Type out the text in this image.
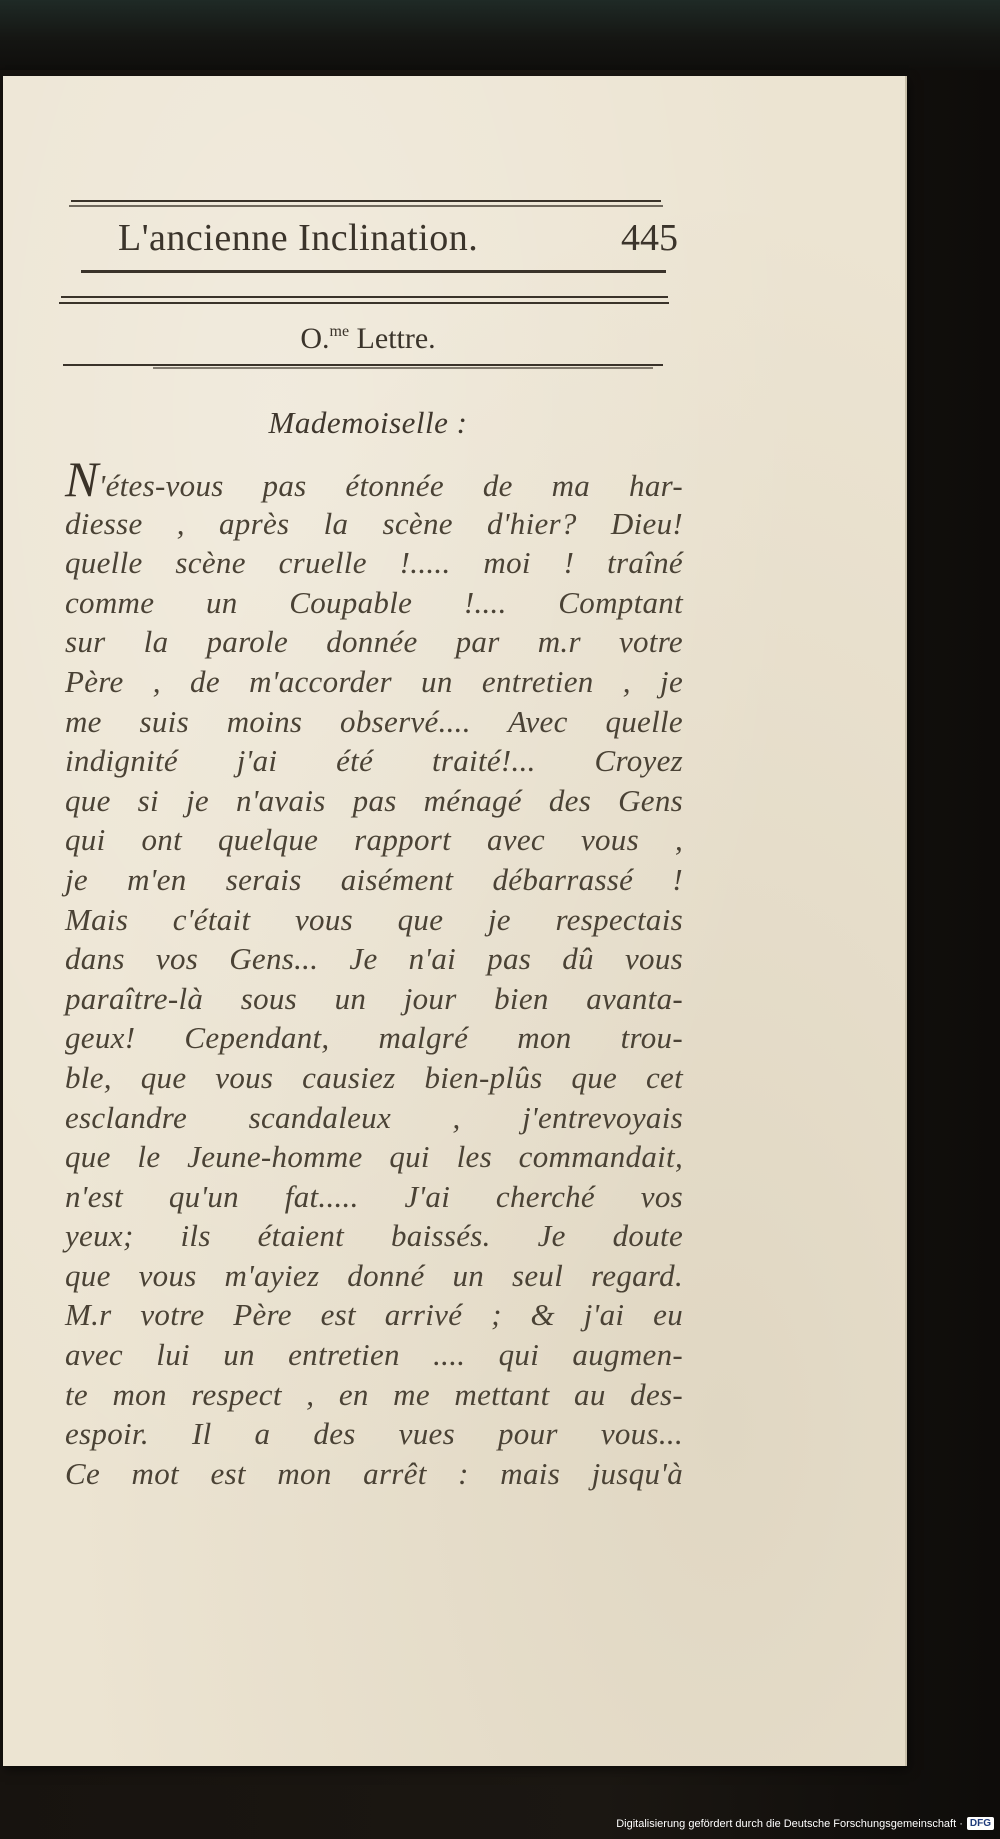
L'ancienne Inclination.	445
O.$^{me}$ Lettre.
Mademoiselle :
N'étes-vous pas étonnée de ma har-
diesse , après la scène d'hier? Dieu!
quelle scène cruelle !..... moi ! traîné
comme un Coupable !.... Comptant
sur la parole donnée par m.r votre
Père , de m'accorder un entretien , je
me suis moins observé.... Avec quelle
indignité j'ai été traité!... Croyez
que si je n'avais pas ménagé des Gens
qui ont quelque rapport avec vous ,
je m'en serais aisément débarrassé !
Mais c'était vous que je respectais
dans vos Gens... Je n'ai pas dû vous
paraître-là sous un jour bien avanta-
geux! Cependant, malgré mon trou-
ble, que vous causiez bien-plûs que cet
esclandre scandaleux , j'entrevoyais
que le Jeune-homme qui les commandait,
n'est qu'un fat..... J'ai cherché vos
yeux; ils étaient baissés. Je doute
que vous m'ayiez donné un seul regard.
M.r votre Père est arrivé ; & j'ai eu
avec lui un entretien .... qui augmen-
te mon respect , en me mettant au des-
espoir. Il a des vues pour vous...
Ce mot est mon arrêt : mais jusqu'à
Digitalisierung gefördert durch die Deutsche Forschungsgemeinschaft · DFG
